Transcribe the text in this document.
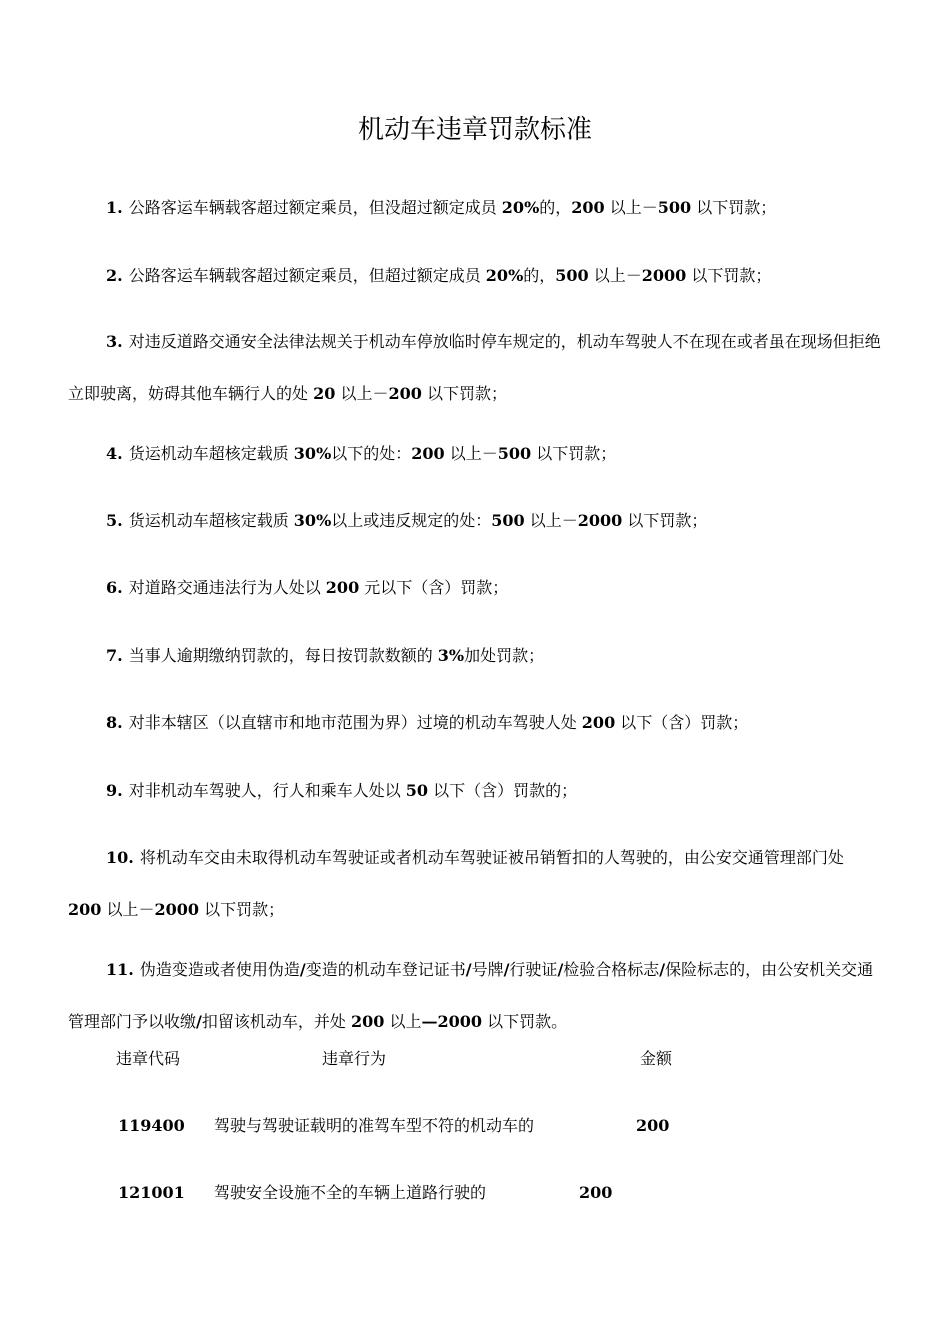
机动车违章罚款标准
1. 公路客运车辆载客超过额定乘员，但没超过额定成员 20%的，200 以上－500 以下罚款；
2. 公路客运车辆载客超过额定乘员，但超过额定成员 20%的，500 以上－2000 以下罚款；
3. 对违反道路交通安全法律法规关于机动车停放临时停车规定的，机动车驾驶人不在现在或者虽在现场但拒绝立即驶离，妨碍其他车辆行人的处 20 以上－200 以下罚款；
4. 货运机动车超核定载质 30%以下的处：200 以上－500 以下罚款；
5. 货运机动车超核定载质 30%以上或违反规定的处：500 以上－2000 以下罚款；
6. 对道路交通违法行为人处以 200 元以下（含）罚款；
7. 当事人逾期缴纳罚款的，每日按罚款数额的 3%加处罚款；
8. 对非本辖区（以直辖市和地市范围为界）过境的机动车驾驶人处 200 以下（含）罚款；
9. 对非机动车驾驶人，行人和乘车人处以 50 以下（含）罚款的；
10. 将机动车交由未取得机动车驾驶证或者机动车驾驶证被吊销暂扣的人驾驶的，由公安交通管理部门处 200 以上－2000 以下罚款；
11. 伪造变造或者使用伪造/变造的机动车登记证书/号牌/行驶证/检验合格标志/保险标志的，由公安机关交通管理部门予以收缴/扣留该机动车，并处 200 以上—2000 以下罚款。
违章代码	违章行为	金额
119400 驾驶与驾驶证载明的准驾车型不符的机动车的	200
121001 驾驶安全设施不全的车辆上道路行驶的	200
